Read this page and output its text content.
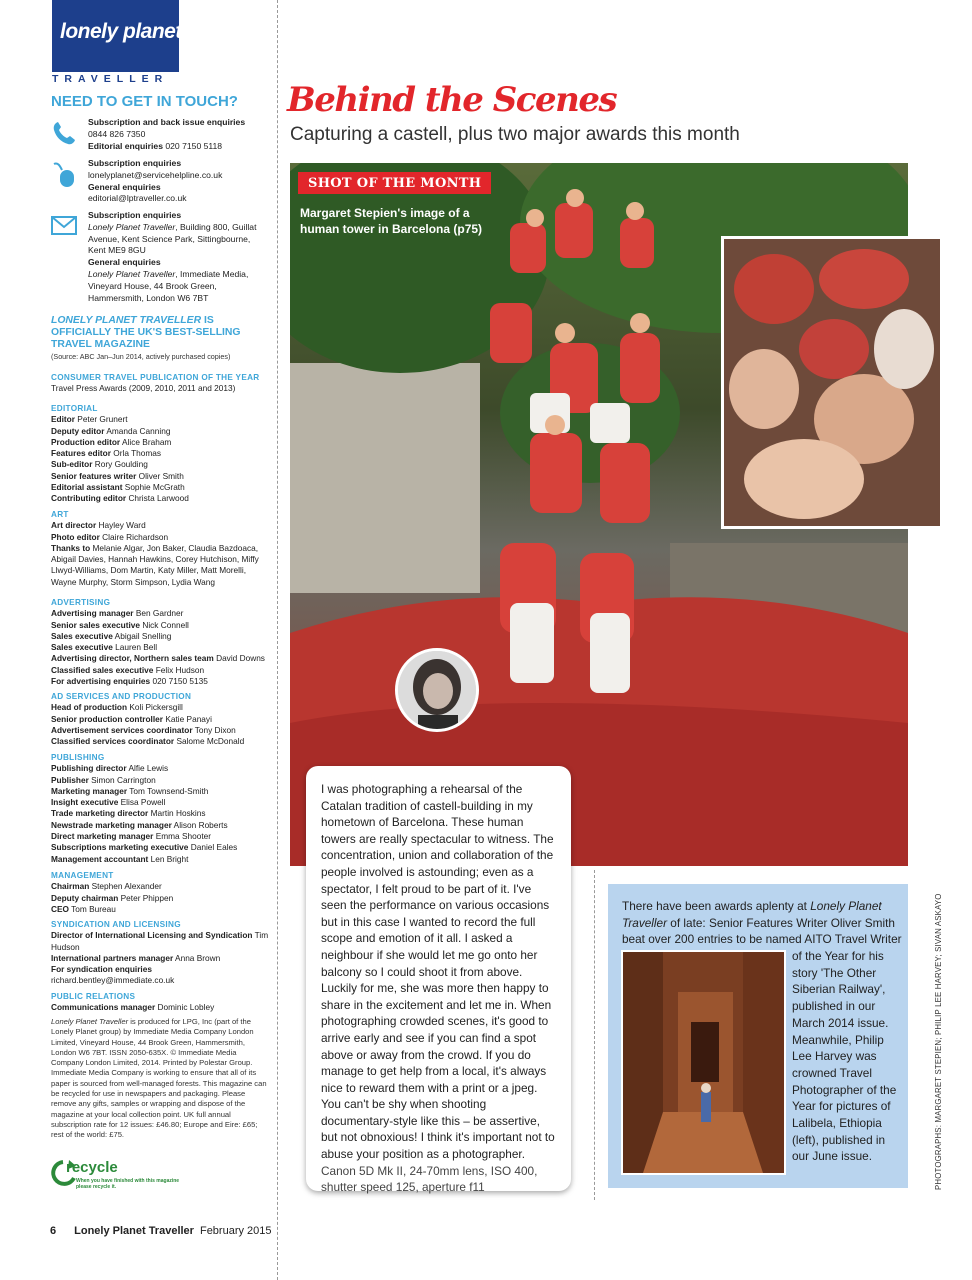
lonely planet
TRAVELLER
NEED TO GET IN TOUCH?
Subscription and back issue enquiries
0844 826 7350
Editorial enquiries 020 7150 5118
Subscription enquiries
lonelyplanet@servicehelpline.co.uk
General enquiries
editorial@lptraveller.co.uk
Subscription enquiries
Lonely Planet Traveller, Building 800, Guillat Avenue, Kent Science Park, Sittingbourne, Kent ME9 8GU
General enquiries
Lonely Planet Traveller, Immediate Media, Vineyard House, 44 Brook Green, Hammersmith, London W6 7BT
LONELY PLANET TRAVELLER IS OFFICIALLY THE UK'S BEST-SELLING TRAVEL MAGAZINE
(Source: ABC Jan–Jun 2014, actively purchased copies)
CONSUMER TRAVEL PUBLICATION OF THE YEAR
Travel Press Awards (2009, 2010, 2011 and 2013)
EDITORIAL
Editor Peter Grunert
Deputy editor Amanda Canning
Production editor Alice Braham
Features editor Orla Thomas
Sub-editor Rory Goulding
Senior features writer Oliver Smith
Editorial assistant Sophie McGrath
Contributing editor Christa Larwood
ART
Art director Hayley Ward
Photo editor Claire Richardson
Thanks to Melanie Algar, Jon Baker, Claudia Bazdoaca, Abigail Davies, Hannah Hawkins, Corey Hutchison, Miffy Llwyd-Williams, Dom Martin, Katy Miller, Matt Morelli, Wayne Murphy, Storm Simpson, Lydia Wang
ADVERTISING
Advertising manager Ben Gardner
Senior sales executive Nick Connell
Sales executive Abigail Snelling
Sales executive Lauren Bell
Advertising director, Northern sales team David Downs
Classified sales executive Felix Hudson
For advertising enquiries 020 7150 5135
AD SERVICES AND PRODUCTION
Head of production Koli Pickersgill
Senior production controller Katie Panayi
Advertisement services coordinator Tony Dixon
Classified services coordinator Salome McDonald
PUBLISHING
Publishing director Alfie Lewis
Publisher Simon Carrington
Marketing manager Tom Townsend-Smith
Insight executive Elisa Powell
Trade marketing director Martin Hoskins
Newstrade marketing manager Alison Roberts
Direct marketing manager Emma Shooter
Subscriptions marketing executive Daniel Eales
Management accountant Len Bright
MANAGEMENT
Chairman Stephen Alexander
Deputy chairman Peter Phippen
CEO Tom Bureau
SYNDICATION AND LICENSING
Director of International Licensing and Syndication Tim Hudson
International partners manager Anna Brown
For syndication enquiries
richard.bentley@immediate.co.uk
PUBLIC RELATIONS
Communications manager Dominic Lobley
Lonely Planet Traveller is produced for LPG, Inc (part of the Lonely Planet group) by Immediate Media Company London Limited, Vineyard House, 44 Brook Green, Hammersmith, London W6 7BT. ISSN 2050-635X. © Immediate Media Company London Limited, 2014. Printed by Polestar Group. Immediate Media Company is working to ensure that all of its paper is sourced from well-managed forests. This magazine can be recycled for use in newspapers and packaging. Please remove any gifts, samples or wrapping and dispose of the magazine at your local collection point. UK full annual subscription rate for 12 issues: £46.80; Europe and Eire: £65; rest of the world: £75.
recycle
When you have finished with this magazine please recycle it.
6 Lonely Planet Traveller February 2015
Behind the Scenes
Capturing a castell, plus two major awards this month
SHOT OF THE MONTH
Margaret Stepien's image of a human tower in Barcelona (p75)
I was photographing a rehearsal of the Catalan tradition of castell-building in my hometown of Barcelona. These human towers are really spectacular to witness. The concentration, union and collaboration of the people involved is astounding; even as a spectator, I felt proud to be part of it. I've seen the performance on various occasions but in this case I wanted to record the full scope and emotion of it all. I asked a neighbour if she would let me go onto her balcony so I could shoot it from above. Luckily for me, she was more then happy to share in the excitement and let me in. When photographing crowded scenes, it's good to arrive early and see if you can find a spot above or away from the crowd. If you do manage to get help from a local, it's always nice to reward them with a print or a jpeg. You can't be shy when shooting documentary-style like this – be assertive, but not obnoxious! I think it's important not to abuse your position as a photographer.
Canon 5D Mk II, 24-70mm lens, ISO 400, shutter speed 125, aperture f11
There have been awards aplenty at Lonely Planet Traveller of late: Senior Features Writer Oliver Smith beat over 200 entries to be named AITO Travel Writer
of the Year for his story 'The Other Siberian Railway', published in our March 2014 issue. Meanwhile, Philip Lee Harvey was crowned Travel Photographer of the Year for pictures of Lalibela, Ethiopia (left), published in our June issue.	PHOTOGRAPHS: MARGARET STEPIEN; PHILIP LEE HARVEY; SIVAN ASKAYO
